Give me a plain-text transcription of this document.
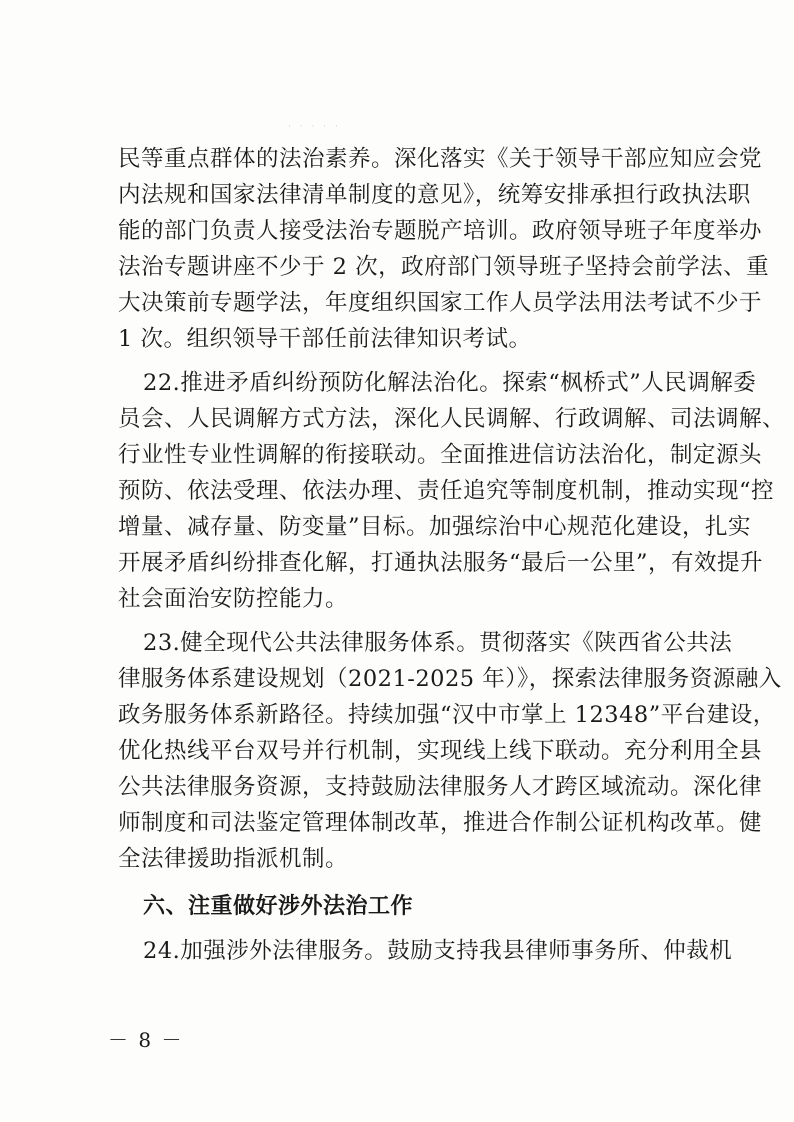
· · · · ·
民等重点群体的法治素养。深化落实《关于领导干部应知应会党
内法规和国家法律清单制度的意见》，统筹安排承担行政执法职
能的部门负责人接受法治专题脱产培训。政府领导班子年度举办
法治专题讲座不少于 2 次，政府部门领导班子坚持会前学法、重
大决策前专题学法，年度组织国家工作人员学法用法考试不少于
1 次。组织领导干部任前法律知识考试。
22.推进矛盾纠纷预防化解法治化。探索“枫桥式”人民调解委
员会、人民调解方式方法，深化人民调解、行政调解、司法调解、
行业性专业性调解的衔接联动。全面推进信访法治化，制定源头
预防、依法受理、依法办理、责任追究等制度机制，推动实现“控
增量、减存量、防变量”目标。加强综治中心规范化建设，扎实
开展矛盾纠纷排查化解，打通执法服务“最后一公里”，有效提升
社会面治安防控能力。
23.健全现代公共法律服务体系。贯彻落实《陕西省公共法
律服务体系建设规划（2021-2025 年）》，探索法律服务资源融入
政务服务体系新路径。持续加强“汉中市掌上 12348”平台建设，
优化热线平台双号并行机制，实现线上线下联动。充分利用全县
公共法律服务资源，支持鼓励法律服务人才跨区域流动。深化律
师制度和司法鉴定管理体制改革，推进合作制公证机构改革。健
全法律援助指派机制。
六、注重做好涉外法治工作
24.加强涉外法律服务。鼓励支持我县律师事务所、仲裁机
－ 8 －
